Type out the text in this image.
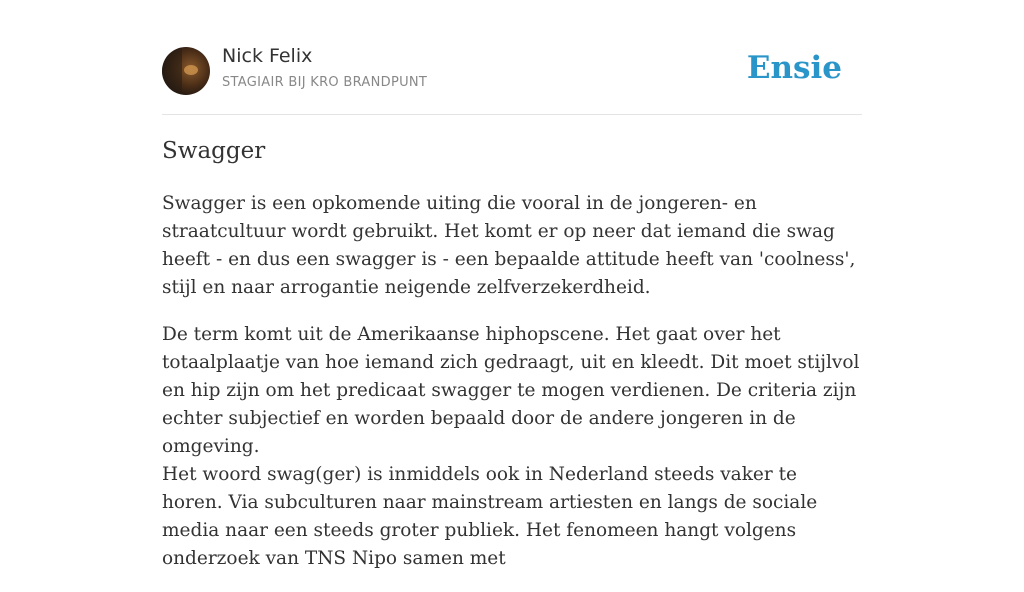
Nick Felix
STAGIAIR BIJ KRO BRANDPUNT	Ensie
Swagger

Swagger is een opkomende uiting die vooral in de jongeren- en straatcultuur wordt gebruikt. Het komt er op neer dat iemand die swag heeft - en dus een swagger is - een bepaalde attitude heeft van 'coolness', stijl en naar arrogantie neigende zelfverzekerdheid.

De term komt uit de Amerikaanse hiphopscene. Het gaat over het totaalplaatje van hoe iemand zich gedraagt, uit en kleedt. Dit moet stijlvol en hip zijn om het predicaat swagger te mogen verdienen. De criteria zijn echter subjectief en worden bepaald door de andere jongeren in de omgeving.

Het woord swag(ger) is inmiddels ook in Nederland steeds vaker te horen. Via subculturen naar mainstream artiesten en langs de sociale media naar een steeds groter publiek. Het fenomeen hangt volgens onderzoek van TNS Nipo samen met
